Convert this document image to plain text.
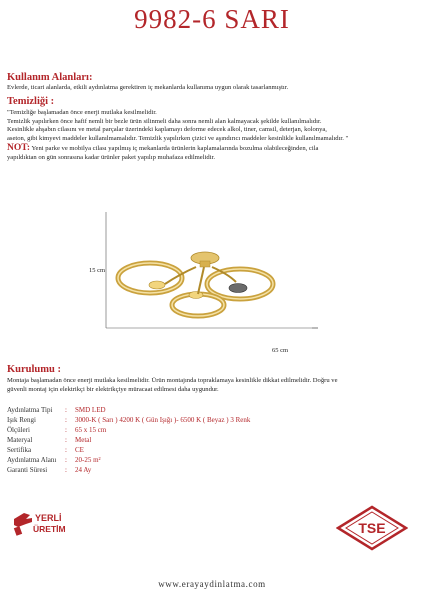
9982-6 SARI
Kullanım Alanları:
Evlerde, ticari alanlarda, etkili aydınlatma gerektiren iç mekanlarda kullanıma uygun olarak tasarlanmıştır.
Temizliği :
"Temizliğe başlamadan önce enerji mutlaka kesilmelidir.
Temizlik yapılırken önce hafif nemli bir bezle ürün silinmeli daha sonra nemli alan kalmayacak şekilde kullanılmalıdır.
Kesinlikle ahşabın cilasını ve metal parçalar üzerindeki kaplamayı deforme edecek alkol, tiner, camsil, deterjan, kolonya,
aseton, gibi kimyevi maddeler kullanılmamalıdır. Temizlik yapılırken çizici ve aşındırıcı maddeler kesinlikle kullanılmamalıdır. "
NOT: Yeni parke ve mobilya cilası yapılmış iç mekanlarda ürünlerin kaplamalarında bozulma olabileceğinden, cila
yapıldıktan on gün sonrasına kadar ürünler paket yapılıp muhafaza edilmelidir.
15 cm
65 cm
Kurulumu :
Montaja başlamadan önce enerji mutlaka kesilmelidir. Ürün montajında topraklamaya kesinlikle dikkat edilmelidir. Doğru ve
güvenli montaj için elektrikçi bir elektrikçiye müracaat edilmesi daha uygundur.
Aydınlatma Tipi	:	SMD LED
Işık Rengi	:	3000-K ( Sarı ) 4200 K ( Gün Işığı )- 6500 K ( Beyaz ) 3 Renk
Ölçüleri	:	65 x 15 cm
Materyal	:	Metal
Sertifika	:	CE
Aydınlatma Alanı	:	20-25 m²
Garanti Süresi	:	24 Ay
YERLİ
ÜRETİM	TSE
www.erayaydinlatma.com
